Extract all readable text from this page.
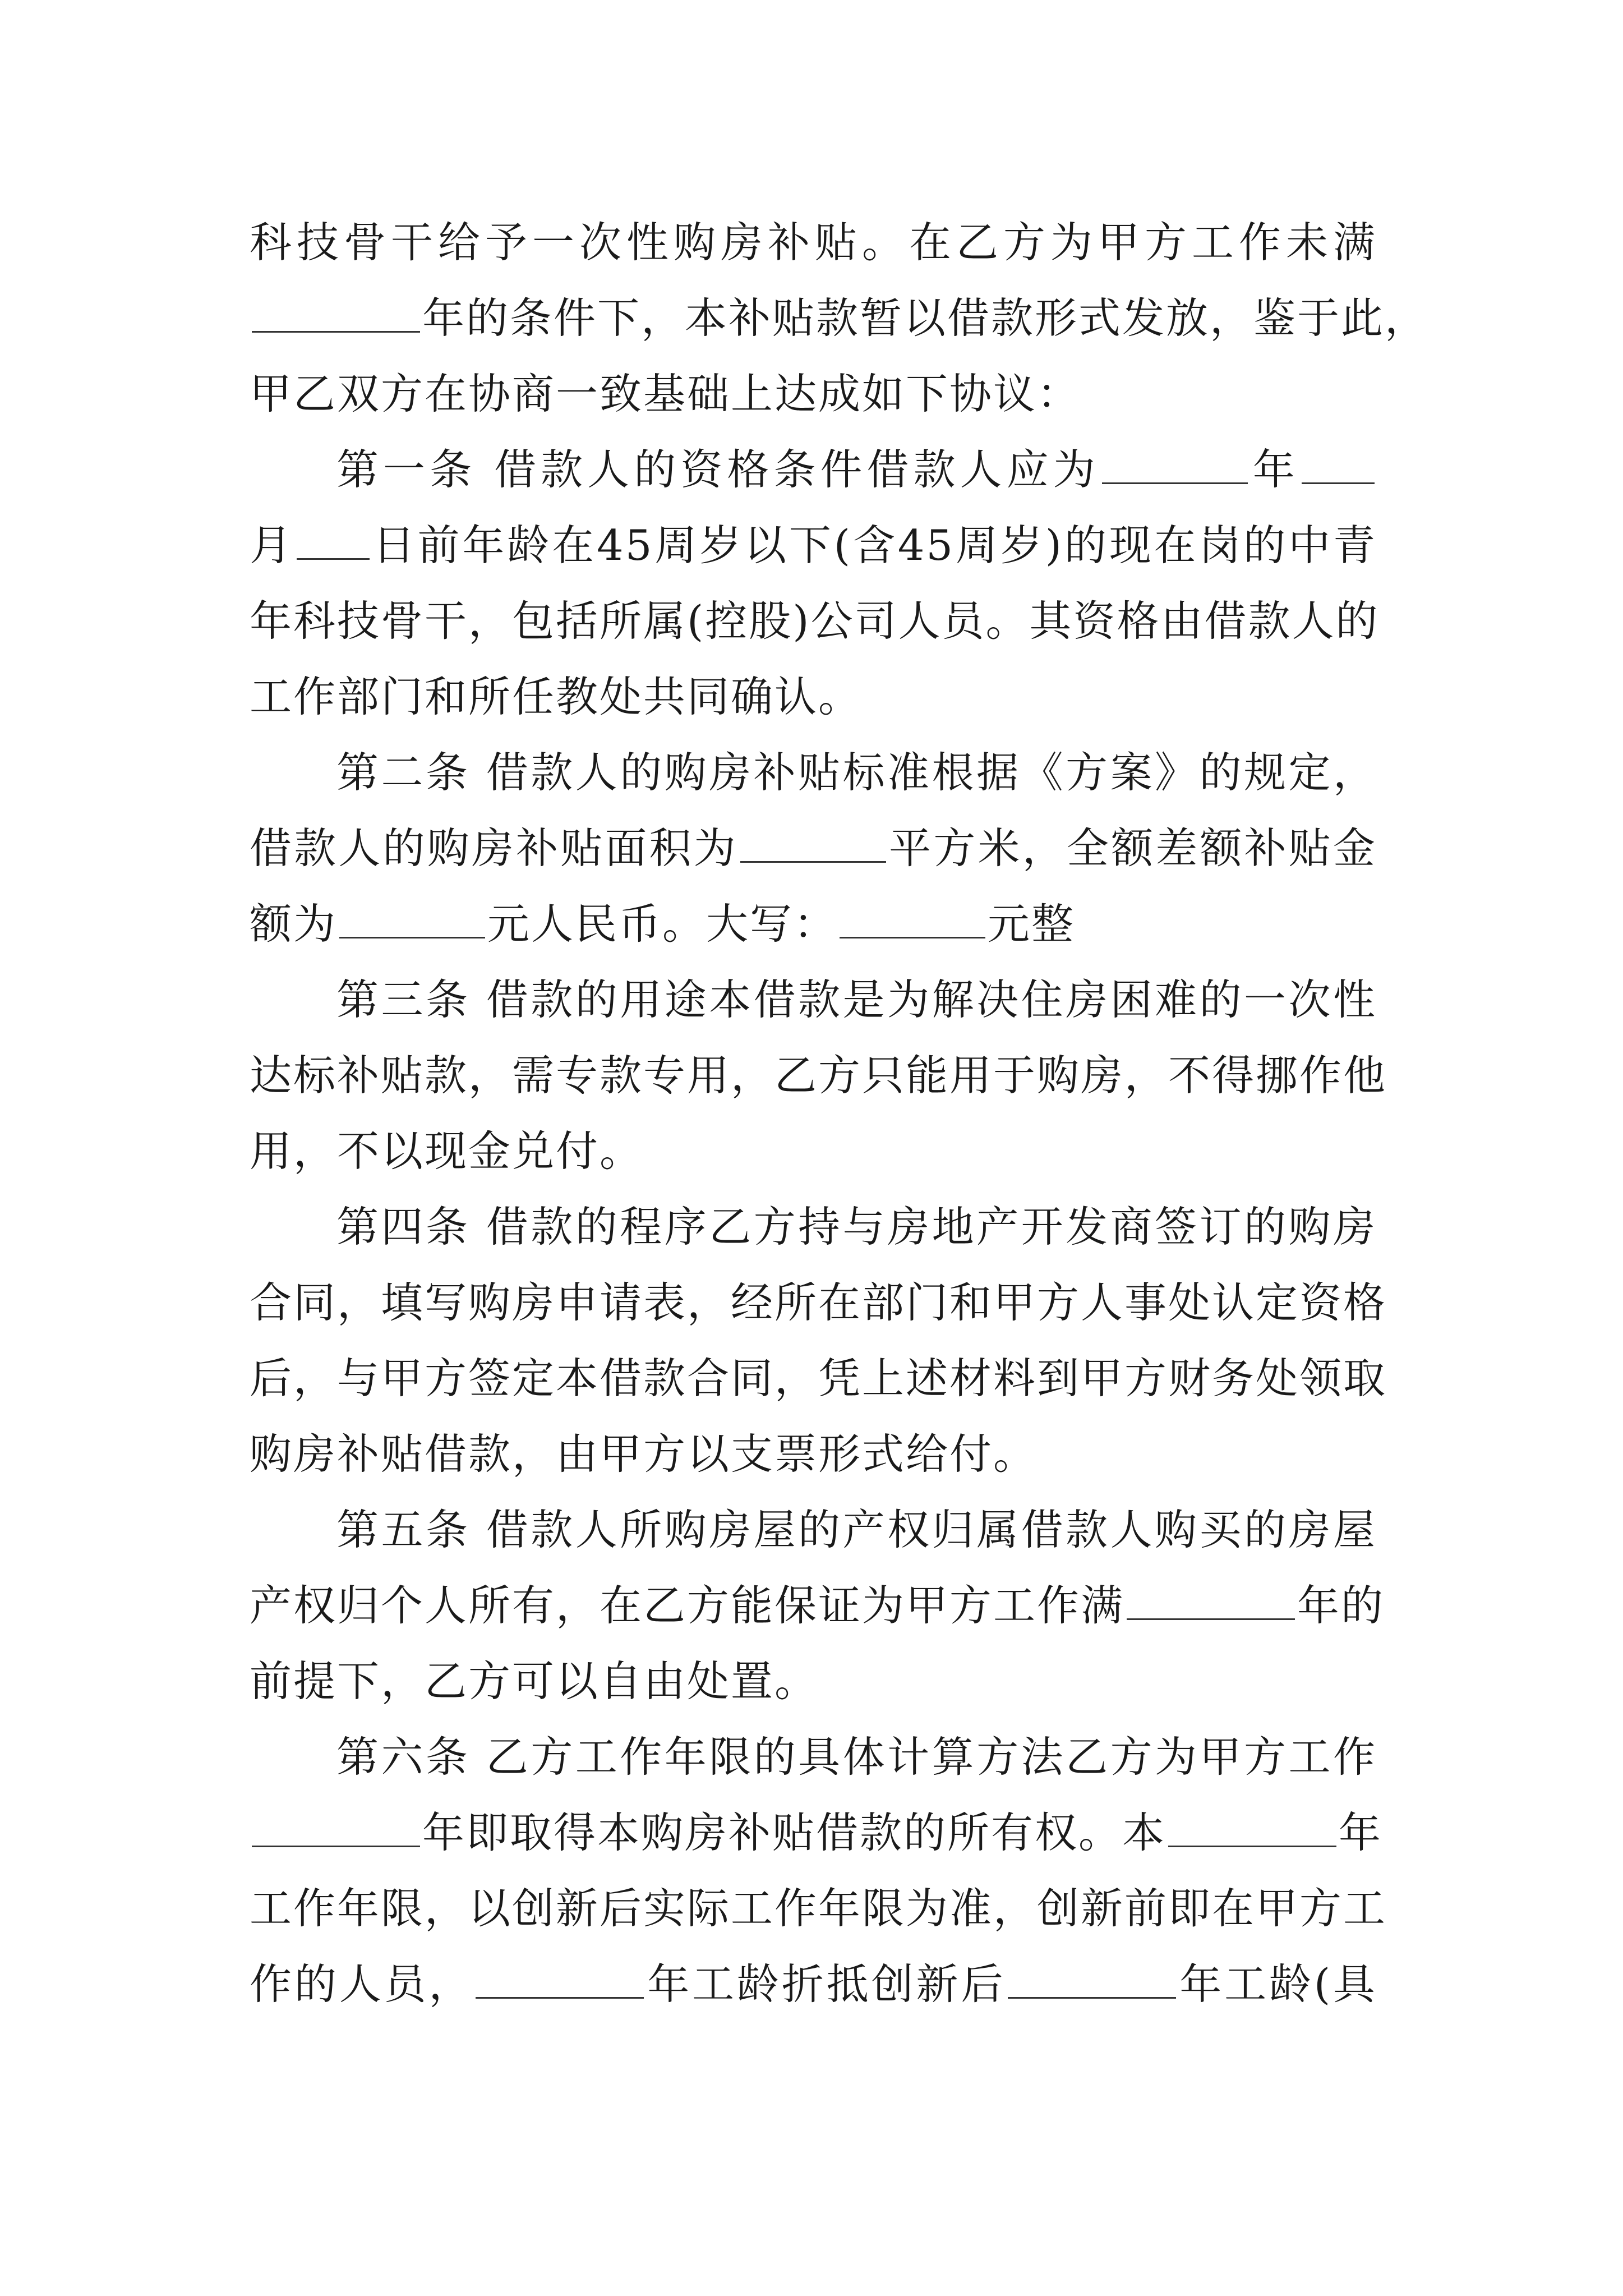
科技骨干给予一次性购房补贴。在乙方为甲方工作未满
年的条件下，本补贴款暂以借款形式发放，鉴于此，
甲乙双方在协商一致基础上达成如下协议：
第一条 借款人的资格条件借款人应为	年
月 日前年龄在45周岁以下(含45周岁)的现在岗的中青
年科技骨干，包括所属(控股)公司人员。其资格由借款人的
工作部门和所任教处共同确认。
第二条 借款人的购房补贴标准根据《方案》的规定，
借款人的购房补贴面积为	平方米，全额差额补贴金
额为	元人民币。大写：	元整
第三条 借款的用途本借款是为解决住房困难的一次性
达标补贴款，需专款专用，乙方只能用于购房，不得挪作他
用，不以现金兑付。
第四条 借款的程序乙方持与房地产开发商签订的购房
合同，填写购房申请表，经所在部门和甲方人事处认定资格
后，与甲方签定本借款合同，凭上述材料到甲方财务处领取
购房补贴借款，由甲方以支票形式给付。
第五条 借款人所购房屋的产权归属借款人购买的房屋
产权归个人所有，在乙方能保证为甲方工作满	年的
前提下，乙方可以自由处置。
第六条 乙方工作年限的具体计算方法乙方为甲方工作
年即取得本购房补贴借款的所有权。本	年
工作年限，以创新后实际工作年限为准，创新前即在甲方工
作的人员，	年工龄折抵创新后	年工龄(具
